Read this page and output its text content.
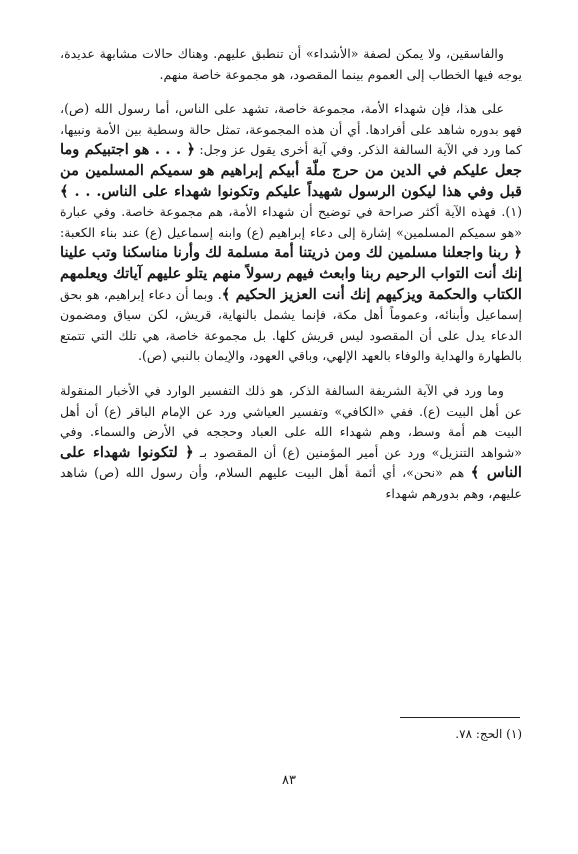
والفاسقين، ولا يمكن لصفة «الأشداء» أن تنطبق عليهم. وهناك حالات مشابهة عديدة، يوجه فيها الخطاب إلى العموم بينما المقصود، هو مجموعة خاصة منهم.

على هذا، فإن شهداء الأمة، مجموعة خاصة، تشهد على الناس، أما رسول الله (ص)، فهو بدوره شاهد على أفرادها. أي أن هذه المجموعة، تمثل حالة وسطية بين الأمة ونبيها، كما ورد في الآية السالفة الذكر. وفي آية أخرى يقول عز وجل: ﴿ . . . هو اجتبيكم وما جعل عليكم في الدين من حرج ملّة أبيكم إبراهيم هو سميكم المسلمين من قبل وفي هذا ليكون الرسول شهيداً عليكم وتكونوا شهداء على الناس. . . ﴾(١). فهذه الآية أكثر صراحة في توضيح أن شهداء الأمة، هم مجموعة خاصة. وفي عبارة «هو سميكم المسلمين» إشارة إلى دعاء إبراهيم (ع) وابنه إسماعيل (ع) عند بناء الكعبة: ﴿ ربنا واجعلنا مسلمين لك ومن ذريتنا أمة مسلمة لك وأرنا مناسكنا وتب علينا إنك أنت التواب الرحيم ربنا وابعث فيهم رسولاً منهم يتلو عليهم آياتك ويعلمهم الكتاب والحكمة ويزكيهم إنك أنت العزيز الحكيم ﴾. وبما أن دعاء إبراهيم، هو بحق إسماعيل وأبنائه، وعموماً أهل مكة، فإنما يشمل بالنهاية، قريش، لكن سياق ومضمون الدعاء يدل على أن المقصود ليس قريش كلها. بل مجموعة خاصة، هي تلك التي تتمتع بالطهارة والهداية والوفاء بالعهد الإلهي، وباقي العهود، والإيمان بالنبي (ص).

وما ورد في الآية الشريفة السالفة الذكر، هو ذلك التفسير الوارد في الأخبار المنقولة عن أهل البيت (ع). ففي «الكافي» وتفسير العياشي ورد عن الإمام الباقر (ع) أن أهل البيت هم أمة وسط، وهم شهداء الله على العباد وحججه في الأرض والسماء. وفي «شواهد التنزيل» ورد عن أمير المؤمنين (ع) أن المقصود بـ ﴿ لتكونوا شهداء على الناس ﴾ هم «نحن»، أي أئمة أهل البيت عليهم السلام، وأن رسول الله (ص) شاهد عليهم، وهم بدورهم شهداء

(١) الحج: ٧٨.
٨٣
